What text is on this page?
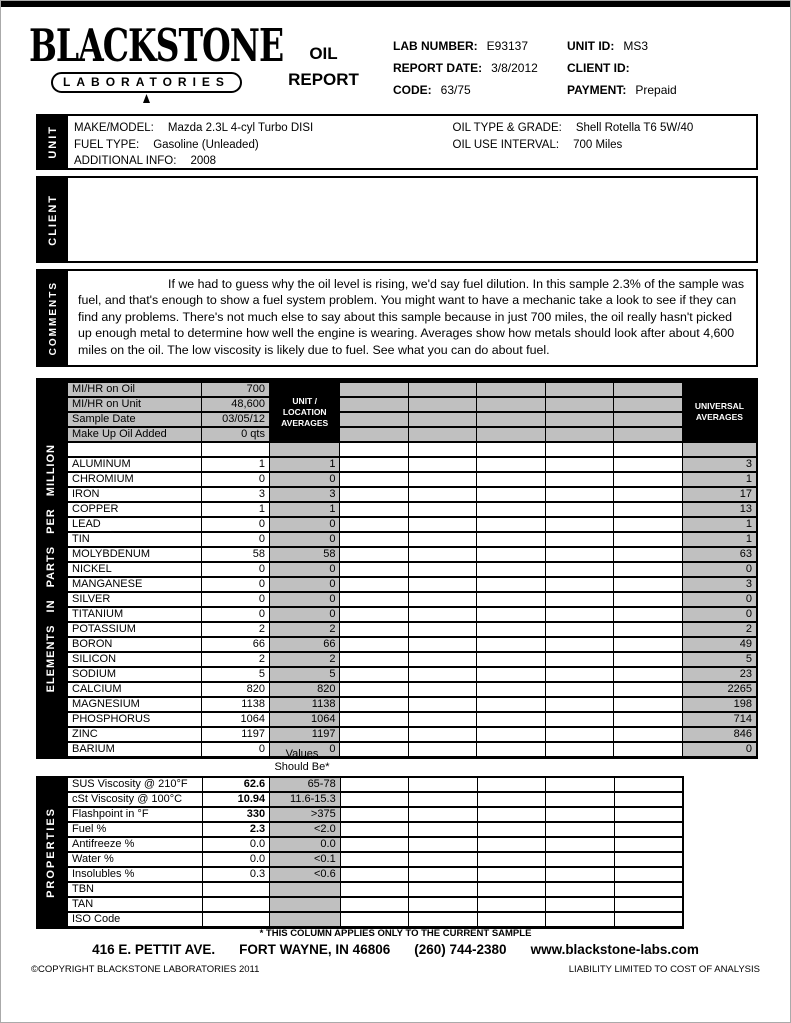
BLACKSTONE
LABORATORIES
OIL
REPORT
LAB NUMBER: E93137
REPORT DATE: 3/8/2012
CODE: 63/75
UNIT ID: MS3
CLIENT ID:
PAYMENT: Prepaid
UNIT MAKE/MODEL: Mazda 2.3L 4-cyl Turbo DISI
FUEL TYPE: Gasoline (Unleaded)
ADDITIONAL INFO: 2008
OIL TYPE & GRADE: Shell Rotella T6 5W/40
OIL USE INTERVAL: 700 Miles
CLIENT
COMMENTS	If we had to guess why the oil level is rising, we'd say fuel dilution. In this sample 2.3% of the sample was fuel, and that's enough to show a fuel system problem. You might want to have a mechanic take a look to see if they can find any problems. There's not much else to say about this sample because in just 700 miles, the oil really hasn't picked up enough metal to determine how well the engine is wearing. Averages show how metals should look after about 4,600 miles on the oil. The low viscosity is likely due to fuel. See what you can do about fuel.
ELEMENTS IN PARTS PER MILLION
MI/HR on Oil	700	UNIT / LOCATION AVERAGES						UNIVERSAL AVERAGES
MI/HR on Unit	48,600							
Sample Date	03/05/12							
Make Up Oil Added	0 qts							

ALUMINUM	1	1						3
CHROMIUM	0	0						1
IRON	3	3						17
COPPER	1	1						13
LEAD	0	0						1
TIN	0	0						1
MOLYBDENUM	58	58						63
NICKEL	0	0						0
MANGANESE	0	0						3
SILVER	0	0						0
TITANIUM	0	0						0
POTASSIUM	2	2						2
BORON	66	66						49
SILICON	2	2						5
SODIUM	5	5						23
CALCIUM	820	820						2265
MAGNESIUM	1138	1138						198
PHOSPHORUS	1064	1064						714
ZINC	1197	1197						846
BARIUM	0	0						0
Values
Should Be*
PROPERTIES
SUS Viscosity @ 210°F	62.6	65-78					
cSt Viscosity @ 100°C	10.94	11.6-15.3					
Flashpoint in °F	330	>375					
Fuel %	2.3	<2.0					
Antifreeze %	0.0	0.0					
Water %	0.0	<0.1					
Insolubles %	0.3	<0.6					
TBN							
TAN							
ISO Code							
* THIS COLUMN APPLIES ONLY TO THE CURRENT SAMPLE
416 E. PETTIT AVE. FORT WAYNE, IN 46806 (260) 744-2380 www.blackstone-labs.com
©COPYRIGHT BLACKSTONE LABORATORIES 2011	LIABILITY LIMITED TO COST OF ANALYSIS
